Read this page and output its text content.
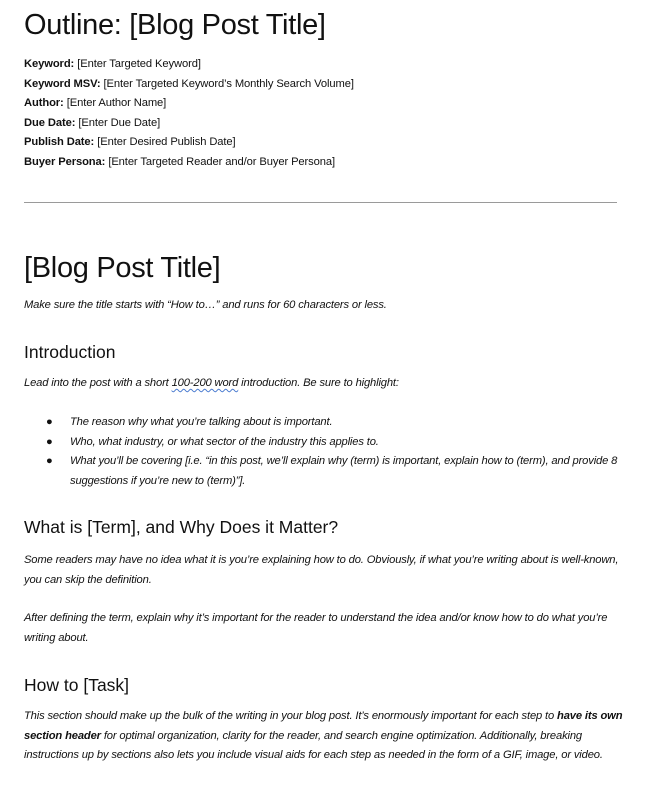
Outline: [Blog Post Title]
Keyword: [Enter Targeted Keyword]
Keyword MSV: [Enter Targeted Keyword’s Monthly Search Volume]
Author: [Enter Author Name]
Due Date: [Enter Due Date]
Publish Date: [Enter Desired Publish Date]
Buyer Persona: [Enter Targeted Reader and/or Buyer Persona]
[Blog Post Title]
Make sure the title starts with “How to…” and runs for 60 characters or less.
Introduction
Lead into the post with a short 100-200 word introduction. Be sure to highlight:
● The reason why what you’re talking about is important.
● Who, what industry, or what sector of the industry this applies to.
● What you’ll be covering [i.e. “in this post, we’ll explain why (term) is important, explain how to (term), and provide 8 suggestions if you’re new to (term)”].
What is [Term], and Why Does it Matter?
Some readers may have no idea what it is you’re explaining how to do. Obviously, if what you’re writing about is well-known, you can skip the definition.
After defining the term, explain why it’s important for the reader to understand the idea and/or know how to do what you’re writing about.
How to [Task]
This section should make up the bulk of the writing in your blog post. It’s enormously important for each step to have its own section header for optimal organization, clarity for the reader, and search engine optimization. Additionally, breaking instructions up by sections also lets you include visual aids for each step as needed in the form of a GIF, image, or video.
